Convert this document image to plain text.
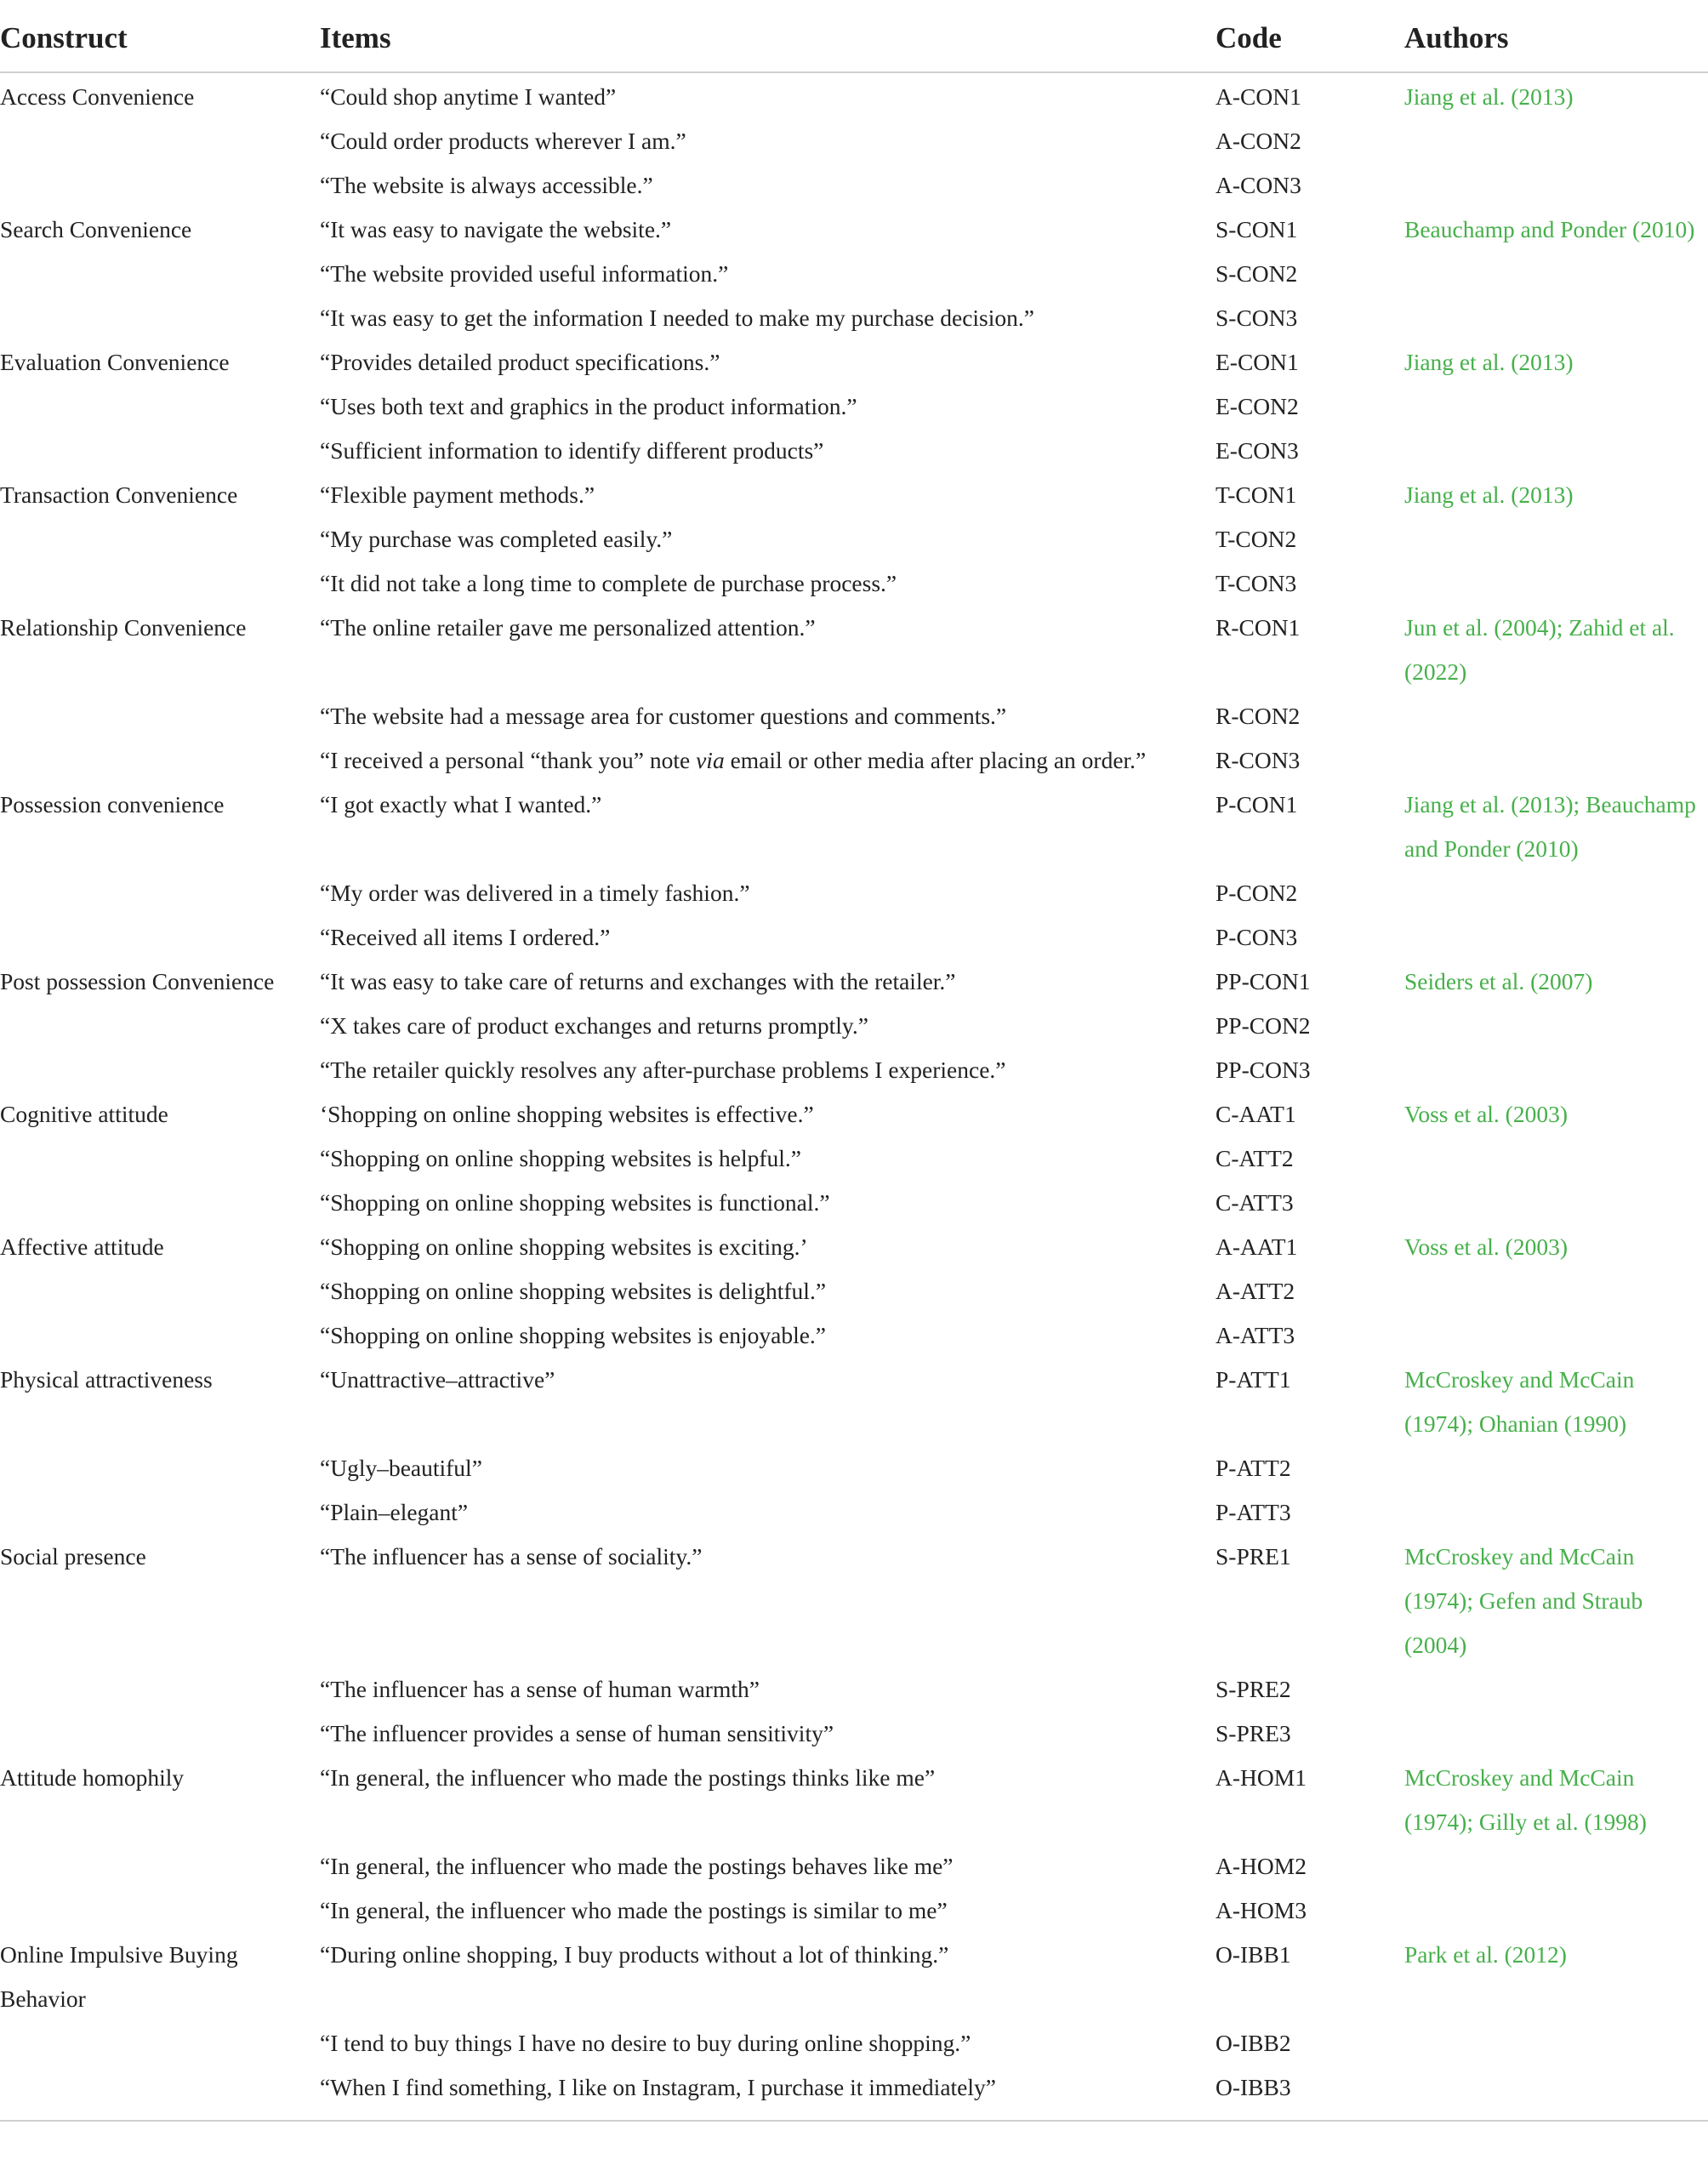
Construct	Items	Code	Authors
Access Convenience	“Could shop anytime I wanted”	A-CON1	Jiang et al. (2013)
	“Could order products wherever I am.”	A-CON2	
	“The website is always accessible.”	A-CON3	
Search Convenience	“It was easy to navigate the website.”	S-CON1	Beauchamp and Ponder (2010)
	“The website provided useful information.”	S-CON2	
	“It was easy to get the information I needed to make my purchase decision.”	S-CON3	
Evaluation Convenience	“Provides detailed product specifications.”	E-CON1	Jiang et al. (2013)
	“Uses both text and graphics in the product information.”	E-CON2	
	“Sufficient information to identify different products”	E-CON3	
Transaction Convenience	“Flexible payment methods.”	T-CON1	Jiang et al. (2013)
	“My purchase was completed easily.”	T-CON2	
	“It did not take a long time to complete de purchase process.”	T-CON3	
Relationship Convenience	“The online retailer gave me personalized attention.”	R-CON1	Jun et al. (2004); Zahid et al. (2022)
	“The website had a message area for customer questions and comments.”	R-CON2	
	“I received a personal “thank you” note via email or other media after placing an order.”	R-CON3	
Possession convenience	“I got exactly what I wanted.”	P-CON1	Jiang et al. (2013); Beauchamp and Ponder (2010)
	“My order was delivered in a timely fashion.”	P-CON2	
	“Received all items I ordered.”	P-CON3	
Post possession Convenience	“It was easy to take care of returns and exchanges with the retailer.”	PP-CON1	Seiders et al. (2007)
	“X takes care of product exchanges and returns promptly.”	PP-CON2	
	“The retailer quickly resolves any after-purchase problems I experience.”	PP-CON3	
Cognitive attitude	‘Shopping on online shopping websites is effective.”	C-AAT1	Voss et al. (2003)
	“Shopping on online shopping websites is helpful.”	C-ATT2	
	“Shopping on online shopping websites is functional.”	C-ATT3	
Affective attitude	“Shopping on online shopping websites is exciting.’	A-AAT1	Voss et al. (2003)
	“Shopping on online shopping websites is delightful.”	A-ATT2	
	“Shopping on online shopping websites is enjoyable.”	A-ATT3	
Physical attractiveness	“Unattractive–attractive”	P-ATT1	McCroskey and McCain (1974); Ohanian (1990)
	“Ugly–beautiful”	P-ATT2	
	“Plain–elegant”	P-ATT3	
Social presence	“The influencer has a sense of sociality.”	S-PRE1	McCroskey and McCain (1974); Gefen and Straub (2004)
	“The influencer has a sense of human warmth”	S-PRE2	
	“The influencer provides a sense of human sensitivity”	S-PRE3	
Attitude homophily	“In general, the influencer who made the postings thinks like me”	A-HOM1	McCroskey and McCain (1974); Gilly et al. (1998)
	“In general, the influencer who made the postings behaves like me”	A-HOM2	
	“In general, the influencer who made the postings is similar to me”	A-HOM3	
Online Impulsive Buying Behavior	“During online shopping, I buy products without a lot of thinking.”	O-IBB1	Park et al. (2012)
	“I tend to buy things I have no desire to buy during online shopping.”	O-IBB2	
	“When I find something, I like on Instagram, I purchase it immediately”	O-IBB3	
